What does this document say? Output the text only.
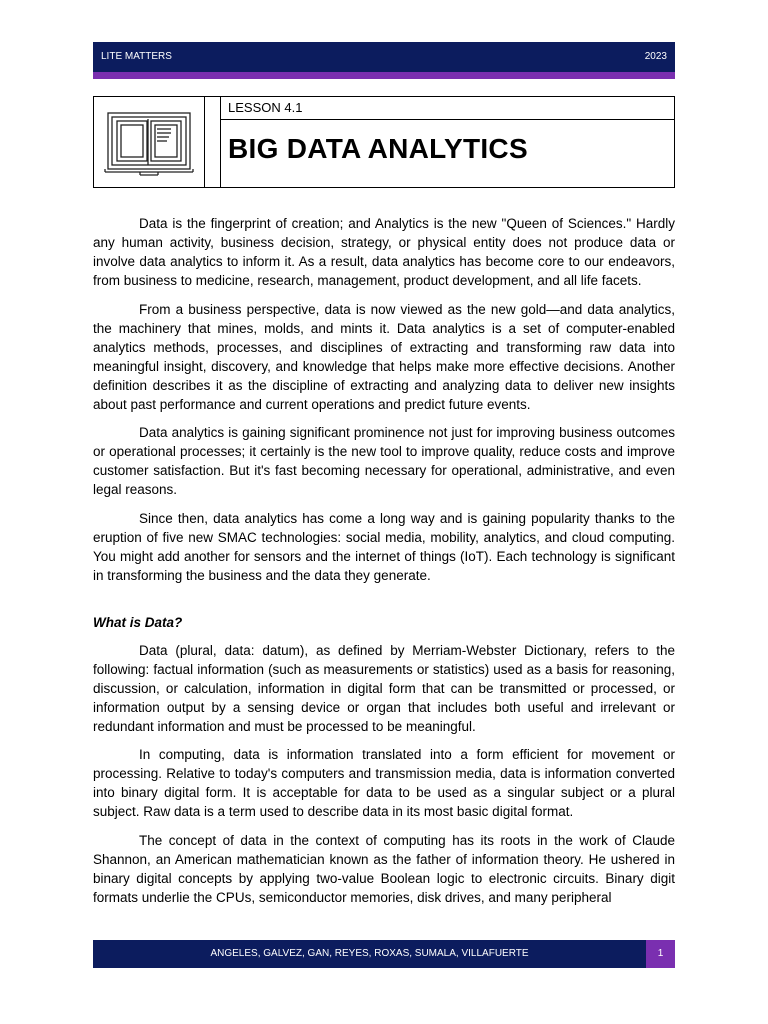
LITE MATTERS	2023
LESSON 4.1
BIG DATA ANALYTICS

Data is the fingerprint of creation; and Analytics is the new "Queen of Sciences." Hardly any human activity, business decision, strategy, or physical entity does not produce data or involve data analytics to inform it. As a result, data analytics has become core to our endeavors, from business to medicine, research, management, product development, and all life facets.

From a business perspective, data is now viewed as the new gold—and data analytics, the machinery that mines, molds, and mints it. Data analytics is a set of computer-enabled analytics methods, processes, and disciplines of extracting and transforming raw data into meaningful insight, discovery, and knowledge that helps make more effective decisions. Another definition describes it as the discipline of extracting and analyzing data to deliver new insights about past performance and current operations and predict future events.

Data analytics is gaining significant prominence not just for improving business outcomes or operational processes; it certainly is the new tool to improve quality, reduce costs and improve customer satisfaction. But it's fast becoming necessary for operational, administrative, and even legal reasons.

Since then, data analytics has come a long way and is gaining popularity thanks to the eruption of five new SMAC technologies: social media, mobility, analytics, and cloud computing. You might add another for sensors and the internet of things (IoT). Each technology is significant in transforming the business and the data they generate.

What is Data?

Data (plural, data: datum), as defined by Merriam-Webster Dictionary, refers to the following: factual information (such as measurements or statistics) used as a basis for reasoning, discussion, or calculation, information in digital form that can be transmitted or processed, or information output by a sensing device or organ that includes both useful and irrelevant or redundant information and must be processed to be meaningful.

In computing, data is information translated into a form efficient for movement or processing. Relative to today's computers and transmission media, data is information converted into binary digital form. It is acceptable for data to be used as a singular subject or a plural subject. Raw data is a term used to describe data in its most basic digital format.

The concept of data in the context of computing has its roots in the work of Claude Shannon, an American mathematician known as the father of information theory. He ushered in binary digital concepts by applying two-value Boolean logic to electronic circuits. Binary digit formats underlie the CPUs, semiconductor memories, disk drives, and many peripheral

ANGELES, GALVEZ, GAN, REYES, ROXAS, SUMALA, VILLAFUERTE	1
